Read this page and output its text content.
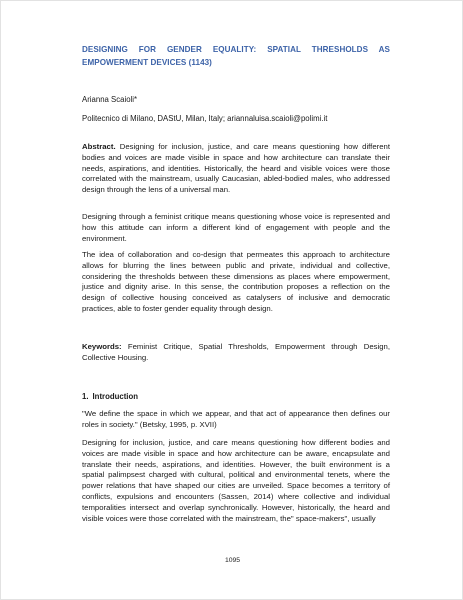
DESIGNING FOR GENDER EQUALITY: SPATIAL THRESHOLDS AS EMPOWERMENT DEVICES (1143)
Arianna Scaioli*
Politecnico di Milano, DAStU, Milan, Italy; ariannaluisa.scaioli@polimi.it

Abstract. Designing for inclusion, justice, and care means questioning how different bodies and voices are made visible in space and how architecture can translate their needs, aspirations, and identities. Historically, the heard and visible voices were those correlated with the mainstream, usually Caucasian, abled-bodied males, who addressed design through the lens of a universal man.

Designing through a feminist critique means questioning whose voice is represented and how this attitude can inform a different kind of engagement with people and the environment.

The idea of collaboration and co-design that permeates this approach to architecture allows for blurring the lines between public and private, individual and collective, considering the thresholds between these dimensions as places where empowerment, justice and dignity arise. In this sense, the contribution proposes a reflection on the design of collective housing conceived as catalysers of inclusive and democratic practices, able to foster gender equality through design.

Keywords: Feminist Critique, Spatial Thresholds, Empowerment through Design, Collective Housing.

1. Introduction

"We define the space in which we appear, and that act of appearance then defines our roles in society." (Betsky, 1995, p. XVII)

Designing for inclusion, justice, and care means questioning how different bodies and voices are made visible in space and how architecture can be aware, encapsulate and translate their needs, aspirations, and identities. However, the built environment is a spatial palimpsest charged with cultural, political and environmental tenets, where the power relations that have shaped our cities are unveiled. Space becomes a territory of conflicts, expulsions and encounters (Sassen, 2014) where collective and individual temporalities intersect and overlap synchronically. However, historically, the heard and visible voices were those correlated with the mainstream, the" space-makers", usually

1095
